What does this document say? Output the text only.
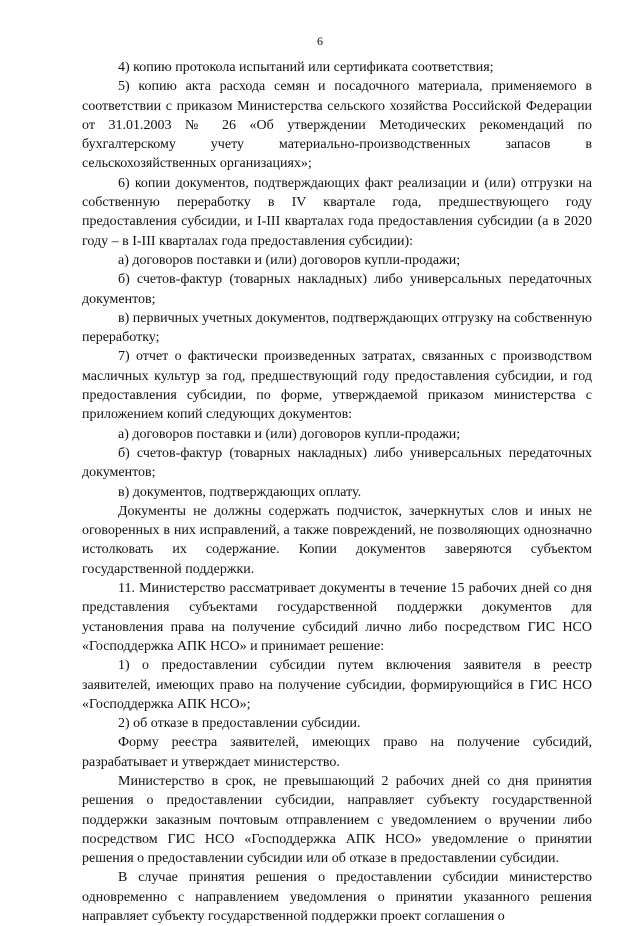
6

4) копию протокола испытаний или сертификата соответствия;

5) копию акта расхода семян и посадочного материала, применяемого в соответствии с приказом Министерства сельского хозяйства Российской Федерации от 31.01.2003 № 26 «Об утверждении Методических рекомендаций по бухгалтерскому учету материально-производственных запасов в сельскохозяйственных организациях»;

6) копии документов, подтверждающих факт реализации и (или) отгрузки на собственную переработку в IV квартале года, предшествующего году предоставления субсидии, и I-III кварталах года предоставления субсидии (а в 2020 году – в I-III кварталах года предоставления субсидии):

а) договоров поставки и (или) договоров купли-продажи;

б) счетов-фактур (товарных накладных) либо универсальных передаточных документов;

в) первичных учетных документов, подтверждающих отгрузку на собственную переработку;

7) отчет о фактически произведенных затратах, связанных с производством масличных культур за год, предшествующий году предоставления субсидии, и год предоставления субсидии, по форме, утверждаемой приказом министерства с приложением копий следующих документов:

а) договоров поставки и (или) договоров купли-продажи;

б) счетов-фактур (товарных накладных) либо универсальных передаточных документов;

в) документов, подтверждающих оплату.

Документы не должны содержать подчисток, зачеркнутых слов и иных не оговоренных в них исправлений, а также повреждений, не позволяющих однозначно истолковать их содержание. Копии документов заверяются субъектом государственной поддержки.

11. Министерство рассматривает документы в течение 15 рабочих дней со дня представления субъектами государственной поддержки документов для установления права на получение субсидий лично либо посредством ГИС НСО «Господдержка АПК НСО» и принимает решение:

1) о предоставлении субсидии путем включения заявителя в реестр заявителей, имеющих право на получение субсидии, формирующийся в ГИС НСО «Господдержка АПК НСО»;

2) об отказе в предоставлении субсидии.

Форму реестра заявителей, имеющих право на получение субсидий, разрабатывает и утверждает министерство.

Министерство в срок, не превышающий 2 рабочих дней со дня принятия решения о предоставлении субсидии, направляет субъекту государственной поддержки заказным почтовым отправлением с уведомлением о вручении либо посредством ГИС НСО «Господдержка АПК НСО» уведомление о принятии решения о предоставлении субсидии или об отказе в предоставлении субсидии.

В случае принятия решения о предоставлении субсидии министерство одновременно с направлением уведомления о принятии указанного решения направляет субъекту государственной поддержки проект соглашения о
